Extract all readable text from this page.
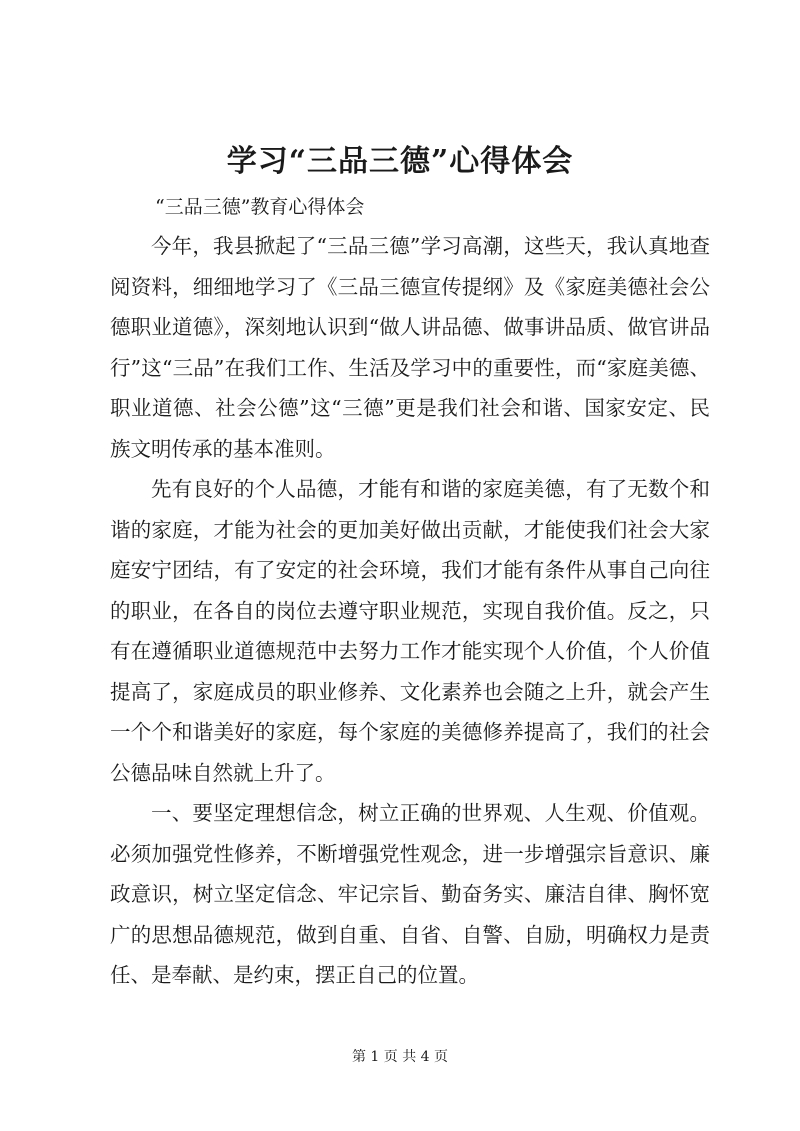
学习“三品三德”心得体会
“三品三德”教育心得体会

今年，我县掀起了“三品三德”学习高潮，这些天，我认真地查阅资料，细细地学习了《三品三德宣传提纲》及《家庭美德社会公德职业道德》，深刻地认识到“做人讲品德、做事讲品质、做官讲品行”这“三品”在我们工作、生活及学习中的重要性，而“家庭美德、职业道德、社会公德”这“三德”更是我们社会和谐、国家安定、民族文明传承的基本准则。

先有良好的个人品德，才能有和谐的家庭美德，有了无数个和谐的家庭，才能为社会的更加美好做出贡献，才能使我们社会大家庭安宁团结，有了安定的社会环境，我们才能有条件从事自己向往的职业，在各自的岗位去遵守职业规范，实现自我价值。反之，只有在遵循职业道德规范中去努力工作才能实现个人价值，个人价值提高了，家庭成员的职业修养、文化素养也会随之上升，就会产生一个个和谐美好的家庭，每个家庭的美德修养提高了，我们的社会公德品味自然就上升了。

一、要坚定理想信念，树立正确的世界观、人生观、价值观。必须加强党性修养，不断增强党性观念，进一步增强宗旨意识、廉政意识，树立坚定信念、牢记宗旨、勤奋务实、廉洁自律、胸怀宽广的思想品德规范，做到自重、自省、自警、自励，明确权力是责任、是奉献、是约束，摆正自己的位置。

第 1 页 共 4 页
